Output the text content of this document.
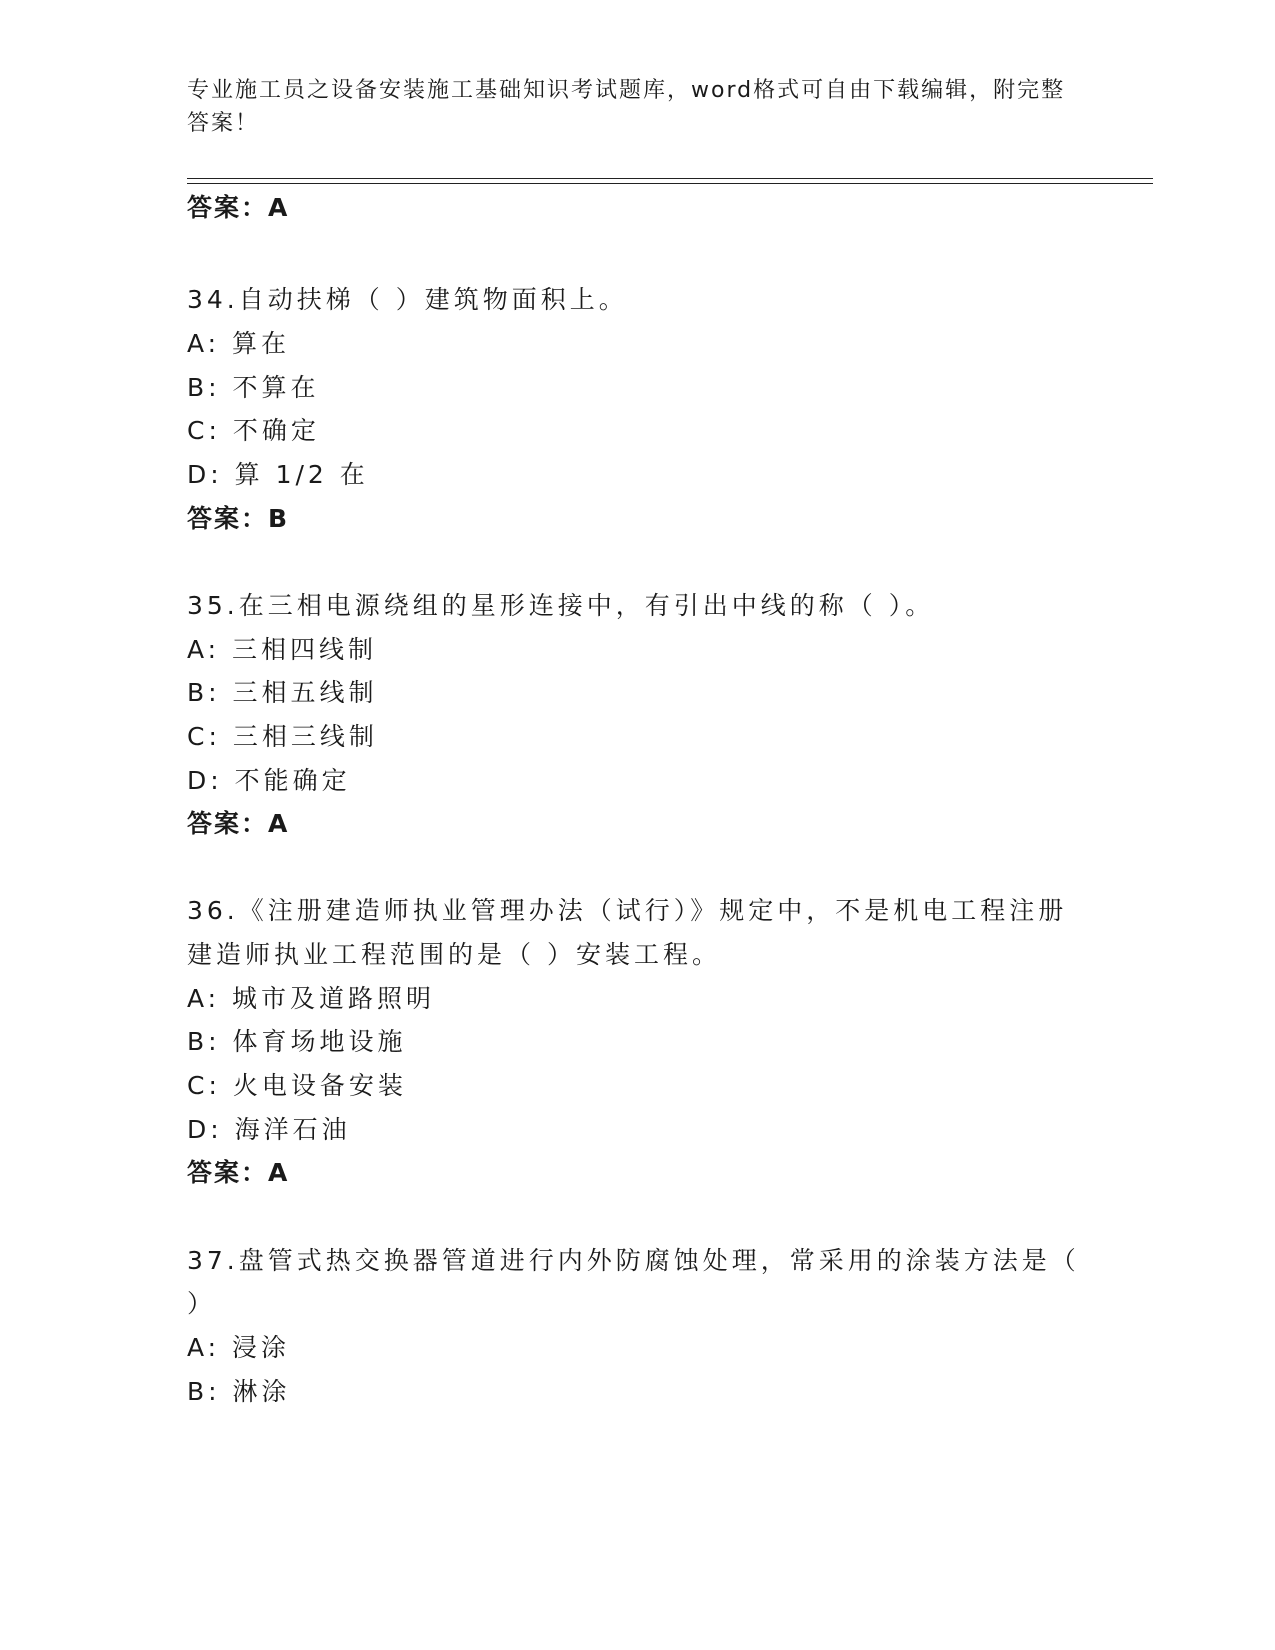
专业施工员之设备安装施工基础知识考试题库，word格式可自由下载编辑，附完整答案！
答案：A
34.自动扶梯（ ）建筑物面积上。
A: 算在
B: 不算在
C: 不确定
D: 算 1/2 在
答案：B
35.在三相电源绕组的星形连接中，有引出中线的称（ ）。
A: 三相四线制
B: 三相五线制
C: 三相三线制
D: 不能确定
答案：A
36.《注册建造师执业管理办法（试行）》规定中，不是机电工程注册
建造师执业工程范围的是（ ）安装工程。
A: 城市及道路照明
B: 体育场地设施
C: 火电设备安装
D: 海洋石油
答案：A
37.盘管式热交换器管道进行内外防腐蚀处理，常采用的涂装方法是（
）
A: 浸涂
B: 淋涂
